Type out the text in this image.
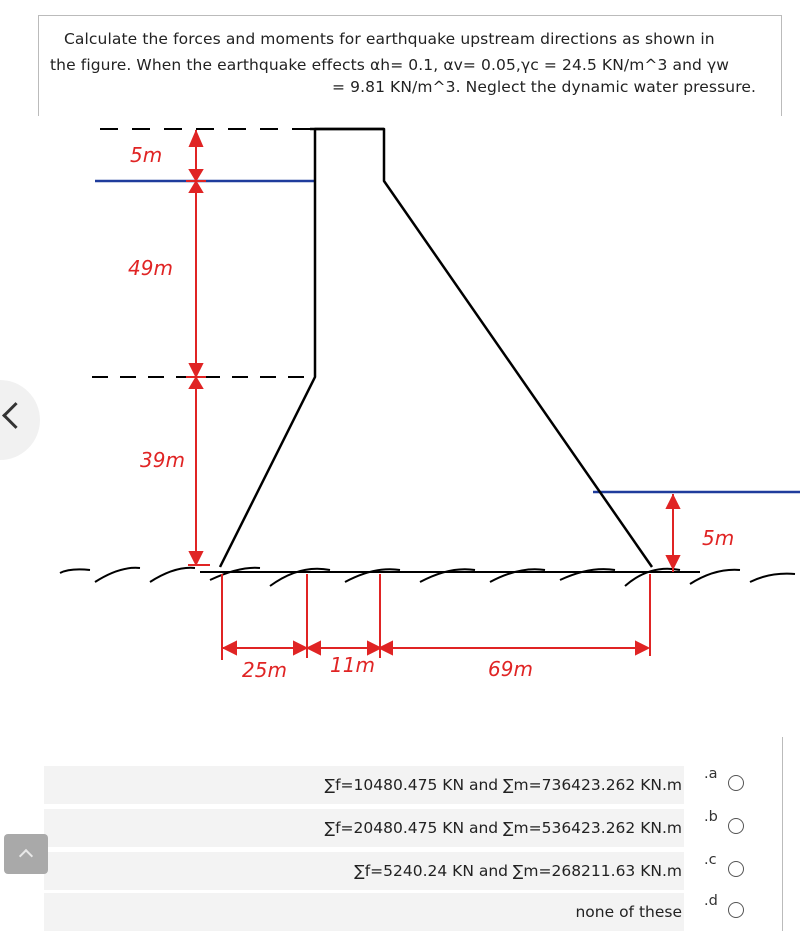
Calculate the forces and moments for earthquake upstream directions as shown in
the figure. When the earthquake effects αh= 0.1, αv= 0.05,γc = 24.5 KN/m^3 and γw
= 9.81 KN/m^3. Neglect the dynamic water pressure.
5m
49m
39m
5m
25m 11m	69m
∑f=10480.475 KN and ∑m=736423.262 KN.m
.a
∑f=20480.475 KN and ∑m=536423.262 KN.m
.b
∑f=5240.24 KN and ∑m=268211.63 KN.m
.c
none of these
.d
